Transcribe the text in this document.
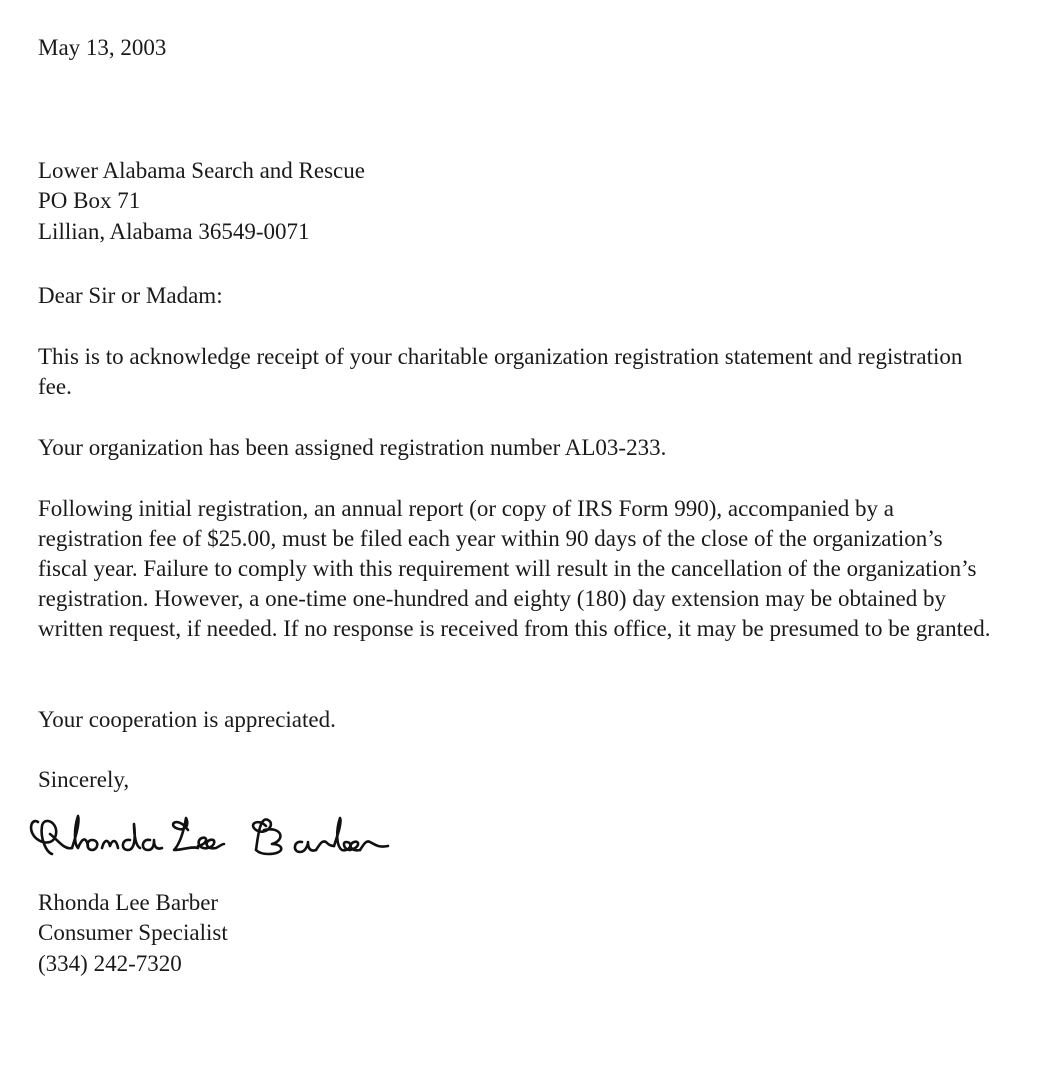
May 13, 2003

Lower Alabama Search and Rescue

PO Box 71

Lillian, Alabama 36549-0071

Dear Sir or Madam:

This is to acknowledge receipt of your charitable organization registration statement and registration fee.

Your organization has been assigned registration number AL03-233.

Following initial registration, an annual report (or copy of IRS Form 990), accompanied by a registration fee of $25.00, must be filed each year within 90 days of the close of the organization’s fiscal year. Failure to comply with this requirement will result in the cancellation of the organization’s registration. However, a one-time one-hundred and eighty (180) day extension may be obtained by written request, if needed. If no response is received from this office, it may be presumed to be granted.

Your cooperation is appreciated.

Sincerely,

Rhonda Lee Barber

Rhonda Lee Barber

Consumer Specialist

(334) 242-7320
